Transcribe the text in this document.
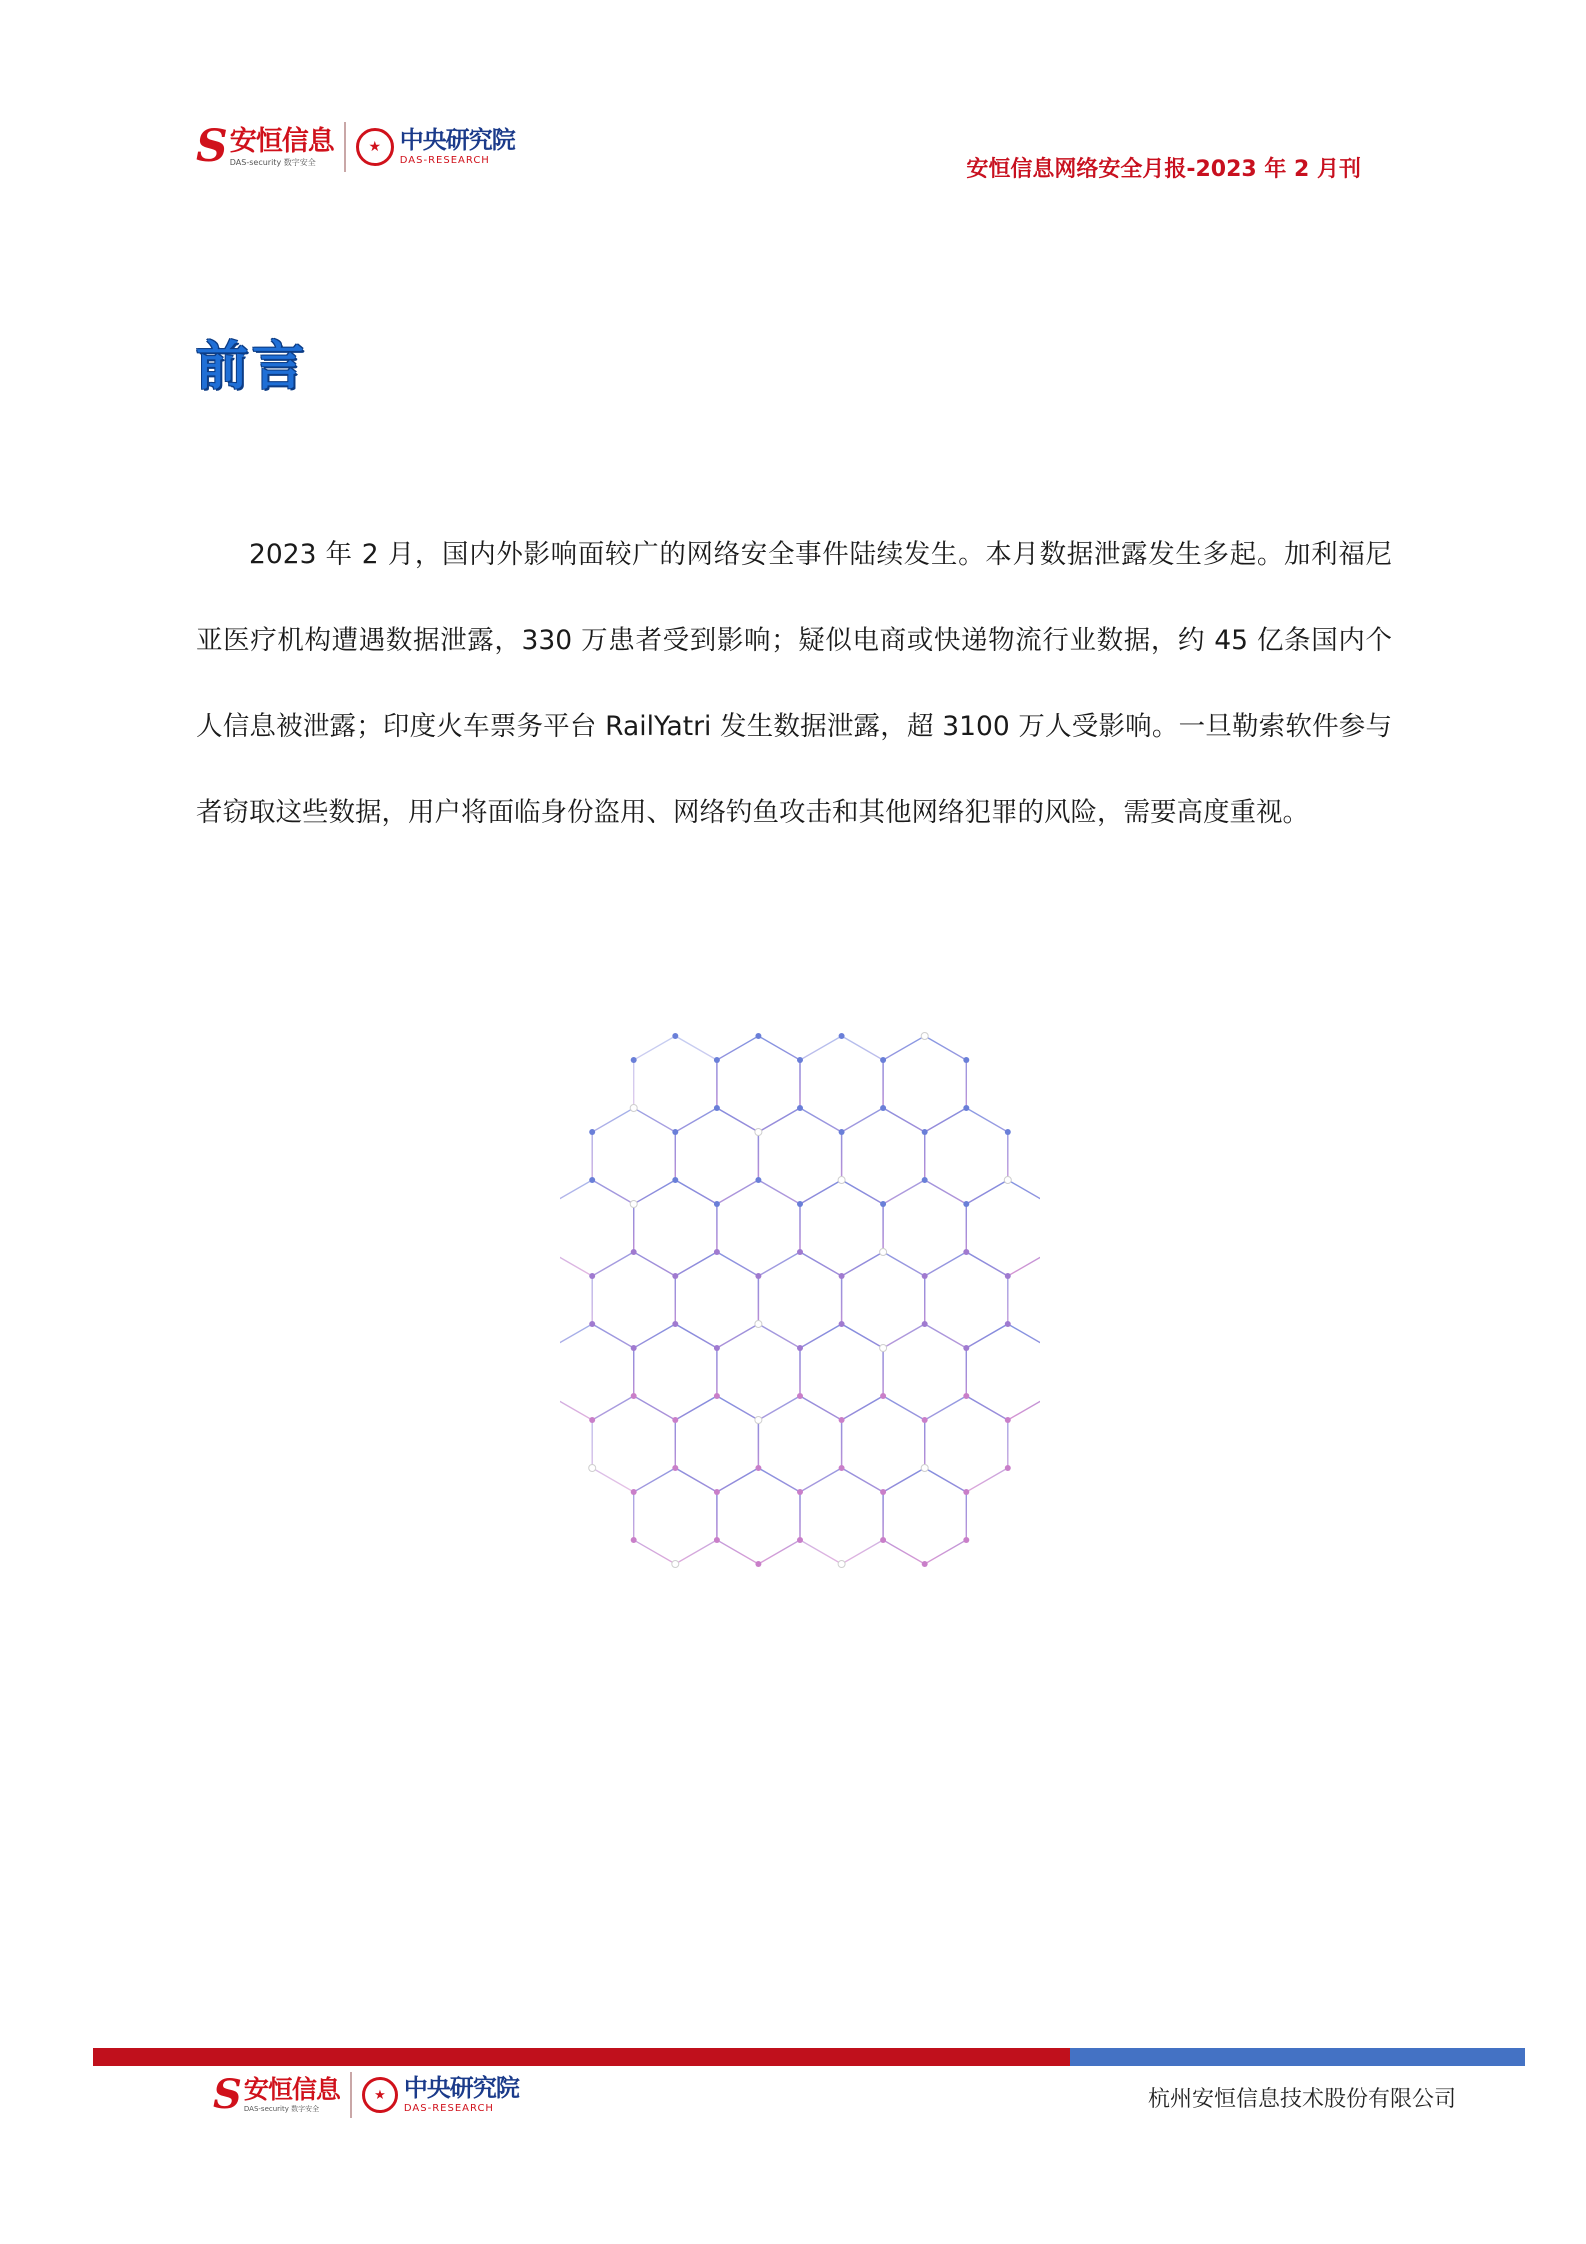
S 安恒信息
DAS-security 数字安全
★ 中央研究院
DAS-RESEARCH	安恒信息网络安全月报-2023 年 2 月刊
前言

2023 年 2 月，国内外影响面较广的网络安全事件陆续发生。本月数据泄露发生多起。加利福尼亚医疗机构遭遇数据泄露，330 万患者受到影响；疑似电商或快递物流行业数据，约 45 亿条国内个人信息被泄露；印度火车票务平台 RailYatri 发生数据泄露，超 3100 万人受影响。一旦勒索软件参与者窃取这些数据，用户将面临身份盗用、网络钓鱼攻击和其他网络犯罪的风险，需要高度重视。

S 安恒信息
DAS-security 数字安全
★ 中央研究院
DAS-RESEARCH	杭州安恒信息技术股份有限公司
